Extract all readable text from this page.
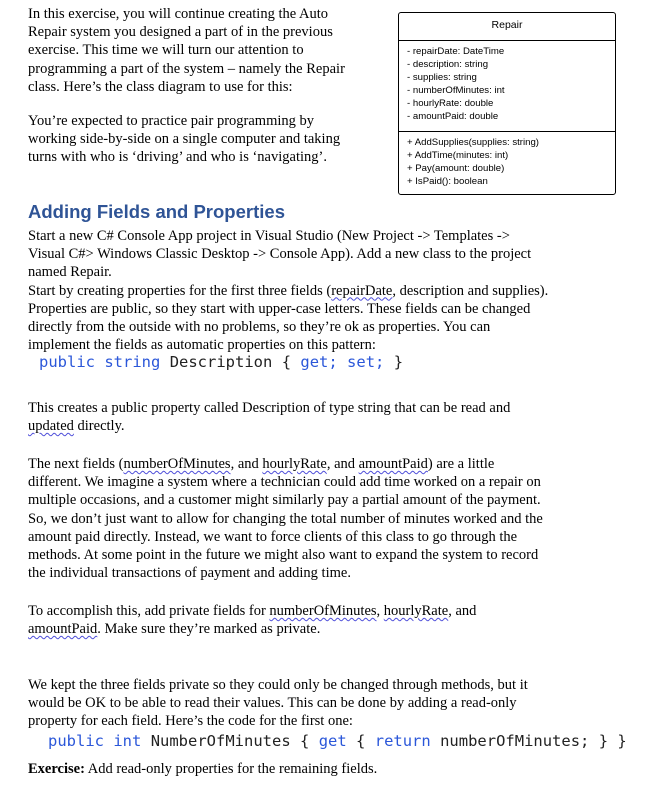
In this exercise, you will continue creating the Auto
Repair system you designed a part of in the previous
exercise. This time we will turn our attention to
programming a part of the system – namely the Repair
class. Here’s the class diagram to use for this:

You’re expected to practice pair programming by
working side-by-side on a single computer and taking
turns with who is ‘driving’ and who is ‘navigating’.

Repair
- repairDate: DateTime
- description: string
- supplies: string
- numberOfMinutes: int
- hourlyRate: double
- amountPaid: double
+ AddSupplies(supplies: string)
+ AddTime(minutes: int)
+ Pay(amount: double)
+ IsPaid(): boolean
Adding Fields and Properties

Start a new C# Console App project in Visual Studio (New Project -> Templates ->
Visual C#> Windows Classic Desktop -> Console App). Add a new class to the project
named Repair.
Start by creating properties for the first three fields (repairDate, description and supplies).
Properties are public, so they start with upper-case letters. These fields can be changed
directly from the outside with no problems, so they’re ok as properties. You can
implement the fields as automatic properties on this pattern:

public string Description { get; set; }

This creates a public property called Description of type string that can be read and
updated directly.

The next fields (numberOfMinutes, and hourlyRate, and amountPaid) are a little
different. We imagine a system where a technician could add time worked on a repair on
multiple occasions, and a customer might similarly pay a partial amount of the payment.
So, we don’t just want to allow for changing the total number of minutes worked and the
amount paid directly. Instead, we want to force clients of this class to go through the
methods. At some point in the future we might also want to expand the system to record
the individual transactions of payment and adding time.

To accomplish this, add private fields for numberOfMinutes, hourlyRate, and
amountPaid. Make sure they’re marked as private.

We kept the three fields private so they could only be changed through methods, but it
would be OK to be able to read their values. This can be done by adding a read-only
property for each field. Here’s the code for the first one:

public int NumberOfMinutes { get { return numberOfMinutes; } }

Exercise: Add read-only properties for the remaining fields.
